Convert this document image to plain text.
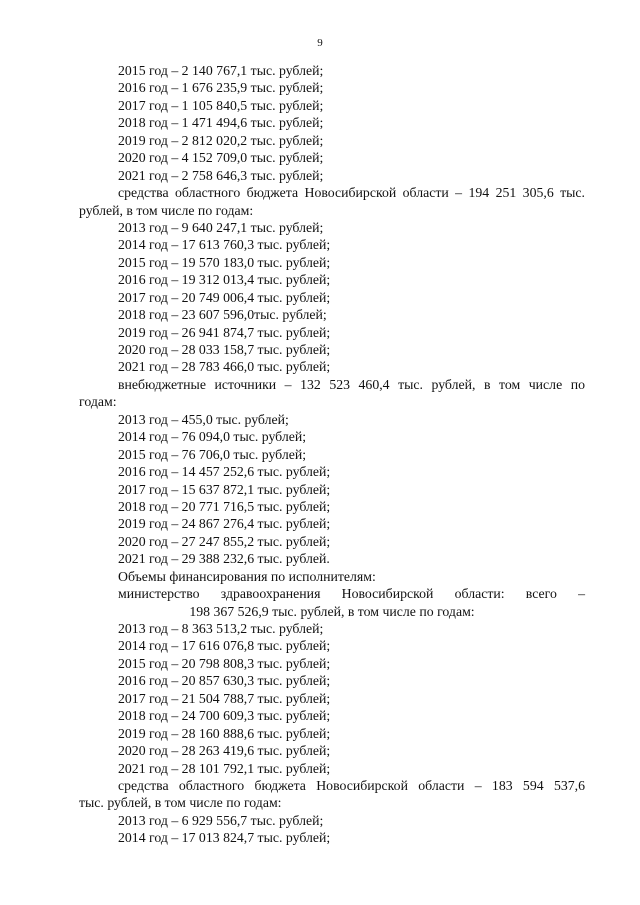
9
2015 год – 2 140 767,1 тыс. рублей;
2016 год – 1 676 235,9 тыс. рублей;
2017 год – 1 105 840,5 тыс. рублей;
2018 год – 1 471 494,6 тыс. рублей;
2019 год – 2 812 020,2 тыс. рублей;
2020 год – 4 152 709,0 тыс. рублей;
2021 год – 2 758 646,3 тыс. рублей;
средства областного бюджета Новосибирской области – 194 251 305,6 тыс.
рублей, в том числе по годам:
2013 год – 9 640 247,1 тыс. рублей;
2014 год – 17 613 760,3 тыс. рублей;
2015 год – 19 570 183,0 тыс. рублей;
2016 год – 19 312 013,4 тыс. рублей;
2017 год – 20 749 006,4 тыс. рублей;
2018 год – 23 607 596,0тыс. рублей;
2019 год – 26 941 874,7 тыс. рублей;
2020 год – 28 033 158,7 тыс. рублей;
2021 год – 28 783 466,0 тыс. рублей;
внебюджетные источники – 132 523 460,4 тыс. рублей, в том числе по
годам:
2013 год – 455,0 тыс. рублей;
2014 год – 76 094,0 тыс. рублей;
2015 год – 76 706,0 тыс. рублей;
2016 год – 14 457 252,6 тыс. рублей;
2017 год – 15 637 872,1 тыс. рублей;
2018 год – 20 771 716,5 тыс. рублей;
2019 год – 24 867 276,4 тыс. рублей;
2020 год – 27 247 855,2 тыс. рублей;
2021 год – 29 388 232,6 тыс. рублей.
Объемы финансирования по исполнителям:
министерство здравоохранения Новосибирской области: всего –
198 367 526,9 тыс. рублей, в том числе по годам:
2013 год – 8 363 513,2 тыс. рублей;
2014 год – 17 616 076,8 тыс. рублей;
2015 год – 20 798 808,3 тыс. рублей;
2016 год – 20 857 630,3 тыс. рублей;
2017 год – 21 504 788,7 тыс. рублей;
2018 год – 24 700 609,3 тыс. рублей;
2019 год – 28 160 888,6 тыс. рублей;
2020 год – 28 263 419,6 тыс. рублей;
2021 год – 28 101 792,1 тыс. рублей;
средства областного бюджета Новосибирской области – 183 594 537,6
тыс. рублей, в том числе по годам:
2013 год – 6 929 556,7 тыс. рублей;
2014 год – 17 013 824,7 тыс. рублей;
